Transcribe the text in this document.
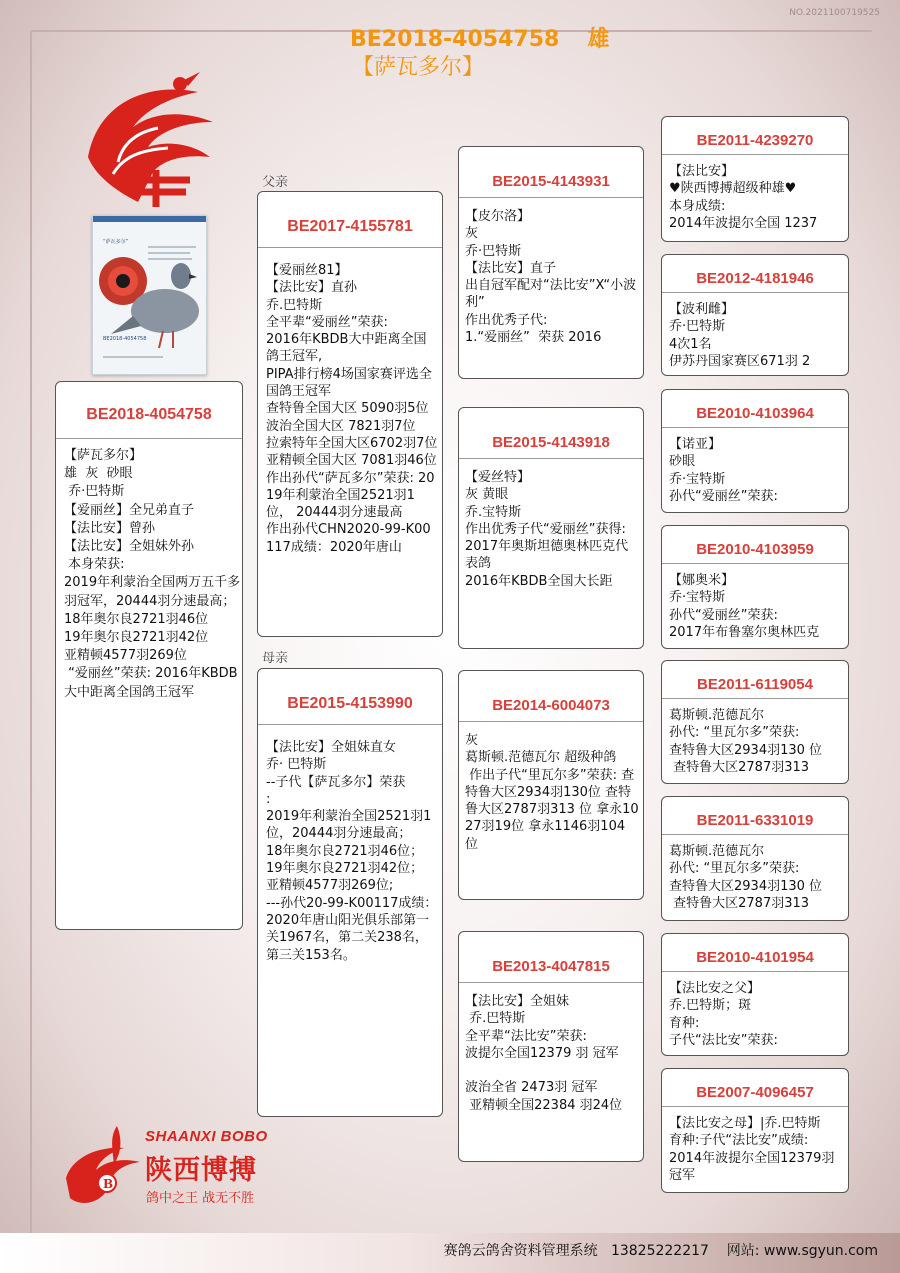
NO.2021100719525
BE2018-4054758 雄
【萨瓦多尔】
“萨瓦多尔”
BE2018-4054758
父亲
母亲
BE2018-4054758
【萨瓦多尔】
雄  灰  砂眼
乔·巴特斯
【爱丽丝】全兄弟直子
【法比安】曾孙
【法比安】全姐妹外孙
本身荣获:
2019年利蒙治全国两万五千多羽冠军，20444羽分速最高；
18年奥尔良2721羽46位
19年奥尔良2721羽42位
亚精顿4577羽269位
“爱丽丝”荣获: 2016年KBDB大中距离全国鸽王冠军
BE2017-4155781
【爱丽丝81】
【法比安】直孙
乔.巴特斯
全平辈“爱丽丝”荣获:
2016年KBDB大中距离全国鸽王冠军,
PIPA排行榜4场国家赛评选全国鸽王冠军
查特鲁全国大区 5090羽5位
波治全国大区 7821羽7位
拉索特年全国大区6702羽7位
亚精顿全国大区 7081羽46位
作出孙代“萨瓦多尔”荣获: 2019年利蒙治全国2521羽1位， 20444羽分速最高
作出孙代CHN2020-99-K00117成绩：2020年唐山
BE2015-4153990
【法比安】全姐妹直女
乔· 巴特斯
--子代【萨瓦多尔】荣获
:
2019年利蒙治全国2521羽1位，20444羽分速最高；
18年奥尔良2721羽46位；
19年奥尔良2721羽42位；
亚精顿4577羽269位;
---孙代20-99-K00117成绩：2020年唐山阳光俱乐部第一关1967名，第二关238名，第三关153名。
BE2015-4143931
【皮尔洛】
灰
乔·巴特斯
【法比安】直子
出自冠军配对“法比安”X“小波利”
作出优秀子代:
1.“爱丽丝”  荣获 2016
BE2015-4143918
【爱丝特】
灰 黄眼
乔.宝特斯
作出优秀子代“爱丽丝”获得:
2017年奥斯坦德奥林匹克代表鸽
2016年KBDB全国大长距
BE2014-6004073
灰
葛斯顿.范德瓦尔 超级种鸽
作出子代“里瓦尔多”荣获: 查特鲁大区2934羽130位 查特鲁大区2787羽313 位 拿永1027羽19位 拿永1146羽104 位
BE2013-4047815
【法比安】全姐妹
乔.巴特斯
全平辈“法比安”荣获:
波提尔全国12379 羽 冠军

波治全省 2473羽 冠军
亚精顿全国22384 羽24位
BE2011-4239270
【法比安】
♥陕西博搏超级种雄♥
本身成绩:
2014年波提尔全国 1237
BE2012-4181946
【波利雌】
乔·巴特斯
4次1名
伊苏丹国家赛区671羽 2
BE2010-4103964
【诺亚】
砂眼
乔·宝特斯
孙代“爱丽丝”荣获:
BE2010-4103959
【娜奥米】
乔·宝特斯
孙代“爱丽丝”荣获:
2017年布鲁塞尔奥林匹克
BE2011-6119054
葛斯顿.范德瓦尔
孙代: “里瓦尔多”荣获:
查特鲁大区2934羽130 位
查特鲁大区2787羽313
BE2011-6331019
葛斯顿.范德瓦尔
孙代: “里瓦尔多”荣获:
查特鲁大区2934羽130 位
查特鲁大区2787羽313
BE2010-4101954
【法比安之父】
乔.巴特斯；斑
育种:
子代“法比安”荣获:
BE2007-4096457
【法比安之母】|乔.巴特斯
育种:子代“法比安”成绩:
2014年波提尔全国12379羽冠军
B
SHAANXI BOBO
陕西博搏
鸽中之王 战无不胜
赛鸽云鸽舍资料管理系统 13825222217 网站: www.sgyun.com
